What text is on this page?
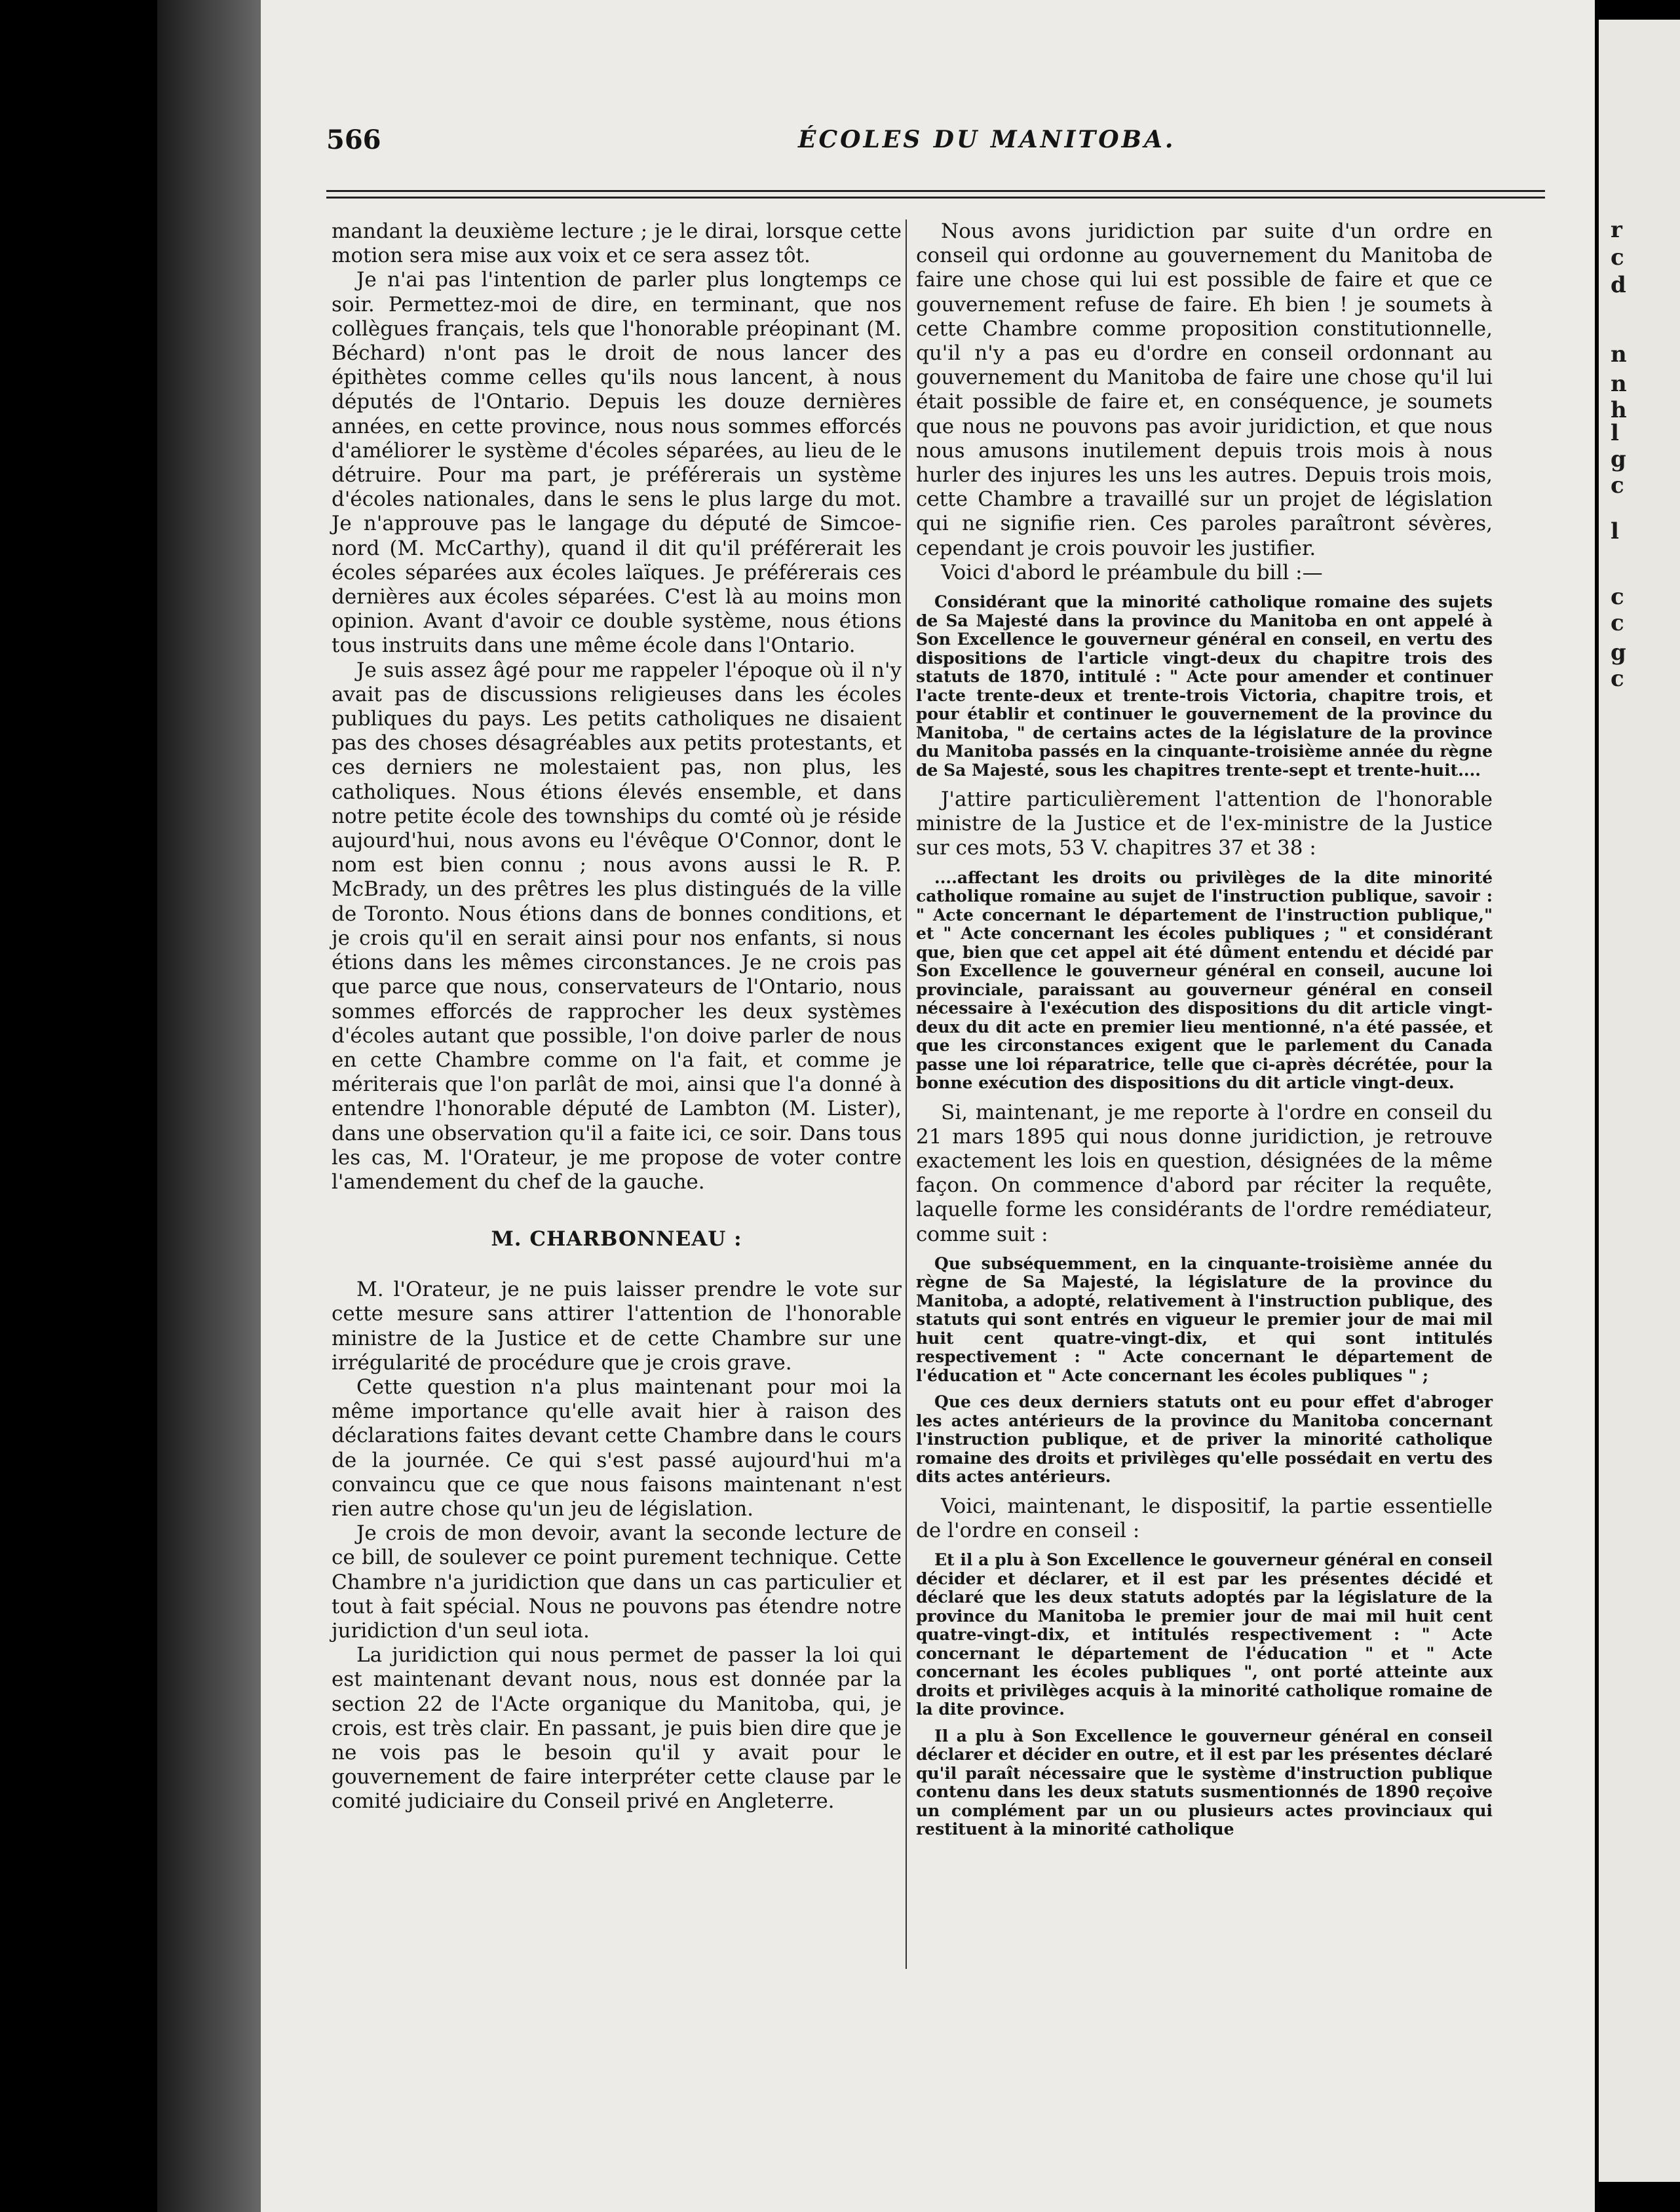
566	ÉCOLES DU MANITOBA.

mandant la deuxième lecture ; je le dirai, lorsque cette motion sera mise aux voix et ce sera assez tôt.

Je n'ai pas l'intention de parler plus longtemps ce soir. Permettez-moi de dire, en terminant, que nos collègues français, tels que l'honorable préopinant (M. Béchard) n'ont pas le droit de nous lancer des épithètes comme celles qu'ils nous lancent, à nous députés de l'Ontario. Depuis les douze dernières années, en cette province, nous nous sommes efforcés d'améliorer le système d'écoles séparées, au lieu de le détruire. Pour ma part, je préférerais un système d'écoles nationales, dans le sens le plus large du mot. Je n'approuve pas le langage du député de Simcoe-nord (M. McCarthy), quand il dit qu'il préférerait les écoles séparées aux écoles laïques. Je préférerais ces dernières aux écoles séparées. C'est là au moins mon opinion. Avant d'avoir ce double système, nous étions tous instruits dans une même école dans l'Ontario.

Je suis assez âgé pour me rappeler l'époque où il n'y avait pas de discussions religieuses dans les écoles publiques du pays. Les petits catholiques ne disaient pas des choses désagréables aux petits protestants, et ces derniers ne molestaient pas, non plus, les catholiques. Nous étions élevés ensemble, et dans notre petite école des townships du comté où je réside aujourd'hui, nous avons eu l'évêque O'Connor, dont le nom est bien connu ; nous avons aussi le R. P. McBrady, un des prêtres les plus distingués de la ville de Toronto. Nous étions dans de bonnes conditions, et je crois qu'il en serait ainsi pour nos enfants, si nous étions dans les mêmes circonstances. Je ne crois pas que parce que nous, conservateurs de l'Ontario, nous sommes efforcés de rapprocher les deux systèmes d'écoles autant que possible, l'on doive parler de nous en cette Chambre comme on l'a fait, et comme je mériterais que l'on parlât de moi, ainsi que l'a donné à entendre l'honorable député de Lambton (M. Lister), dans une observation qu'il a faite ici, ce soir. Dans tous les cas, M. l'Orateur, je me propose de voter contre l'amendement du chef de la gauche.

M. CHARBONNEAU :

M. l'Orateur, je ne puis laisser prendre le vote sur cette mesure sans attirer l'attention de l'honorable ministre de la Justice et de cette Chambre sur une irrégularité de procédure que je crois grave.

Cette question n'a plus maintenant pour moi la même importance qu'elle avait hier à raison des déclarations faites devant cette Chambre dans le cours de la journée. Ce qui s'est passé aujourd'hui m'a convaincu que ce que nous faisons maintenant n'est rien autre chose qu'un jeu de législation.

Je crois de mon devoir, avant la seconde lecture de ce bill, de soulever ce point purement technique. Cette Chambre n'a juridiction que dans un cas particulier et tout à fait spécial. Nous ne pouvons pas étendre notre juridiction d'un seul iota.

La juridiction qui nous permet de passer la loi qui est maintenant devant nous, nous est donnée par la section 22 de l'Acte organique du Manitoba, qui, je crois, est très clair. En passant, je puis bien dire que je ne vois pas le besoin qu'il y avait pour le gouvernement de faire interpréter cette clause par le comité judiciaire du Conseil privé en Angleterre.

Nous avons juridiction par suite d'un ordre en conseil qui ordonne au gouvernement du Manitoba de faire une chose qui lui est possible de faire et que ce gouvernement refuse de faire. Eh bien ! je soumets à cette Chambre comme proposition constitutionnelle, qu'il n'y a pas eu d'ordre en conseil ordonnant au gouvernement du Manitoba de faire une chose qu'il lui était possible de faire et, en conséquence, je soumets que nous ne pouvons pas avoir juridiction, et que nous nous amusons inutilement depuis trois mois à nous hurler des injures les uns les autres. Depuis trois mois, cette Chambre a travaillé sur un projet de législation qui ne signifie rien. Ces paroles paraîtront sévères, cependant je crois pouvoir les justifier.

Voici d'abord le préambule du bill :—

Considérant que la minorité catholique romaine des sujets de Sa Majesté dans la province du Manitoba en ont appelé à Son Excellence le gouverneur général en conseil, en vertu des dispositions de l'article vingt-deux du chapitre trois des statuts de 1870, intitulé : " Acte pour amender et continuer l'acte trente-deux et trente-trois Victoria, chapitre trois, et pour établir et continuer le gouvernement de la province du Manitoba, " de certains actes de la législature de la province du Manitoba passés en la cinquante-troisième année du règne de Sa Majesté, sous les chapitres trente-sept et trente-huit....

J'attire particulièrement l'attention de l'honorable ministre de la Justice et de l'ex-ministre de la Justice sur ces mots, 53 V. chapitres 37 et 38 :

....affectant les droits ou privilèges de la dite minorité catholique romaine au sujet de l'instruction publique, savoir : " Acte concernant le département de l'instruction publique," et " Acte concernant les écoles publiques ; " et considérant que, bien que cet appel ait été dûment entendu et décidé par Son Excellence le gouverneur général en conseil, aucune loi provinciale, paraissant au gouverneur général en conseil nécessaire à l'exécution des dispositions du dit article vingt-deux du dit acte en premier lieu mentionné, n'a été passée, et que les circonstances exigent que le parlement du Canada passe une loi réparatrice, telle que ci-après décrétée, pour la bonne exécution des dispositions du dit article vingt-deux.

Si, maintenant, je me reporte à l'ordre en conseil du 21 mars 1895 qui nous donne juridiction, je retrouve exactement les lois en question, désignées de la même façon. On commence d'abord par réciter la requête, laquelle forme les considérants de l'ordre remédiateur, comme suit :

Que subséquemment, en la cinquante-troisième année du règne de Sa Majesté, la législature de la province du Manitoba, a adopté, relativement à l'instruction publique, des statuts qui sont entrés en vigueur le premier jour de mai mil huit cent quatre-vingt-dix, et qui sont intitulés respectivement : " Acte concernant le département de l'éducation et " Acte concernant les écoles publiques " ;

Que ces deux derniers statuts ont eu pour effet d'abroger les actes antérieurs de la province du Manitoba concernant l'instruction publique, et de priver la minorité catholique romaine des droits et privilèges qu'elle possédait en vertu des dits actes antérieurs.

Voici, maintenant, le dispositif, la partie essentielle de l'ordre en conseil :

Et il a plu à Son Excellence le gouverneur général en conseil décider et déclarer, et il est par les présentes décidé et déclaré que les deux statuts adoptés par la législature de la province du Manitoba le premier jour de mai mil huit cent quatre-vingt-dix, et intitulés respectivement : " Acte concernant le département de l'éducation " et " Acte concernant les écoles publiques ", ont porté atteinte aux droits et privilèges acquis à la minorité catholique romaine de la dite province.

Il a plu à Son Excellence le gouverneur général en conseil déclarer et décider en outre, et il est par les présentes déclaré qu'il paraît nécessaire que le système d'instruction publique contenu dans les deux statuts susmentionnés de 1890 reçoive un complément par un ou plusieurs actes provinciaux qui restituent à la minorité catholique

r
c
d
n
n
h
l
g
c
l
c
c
g
c
